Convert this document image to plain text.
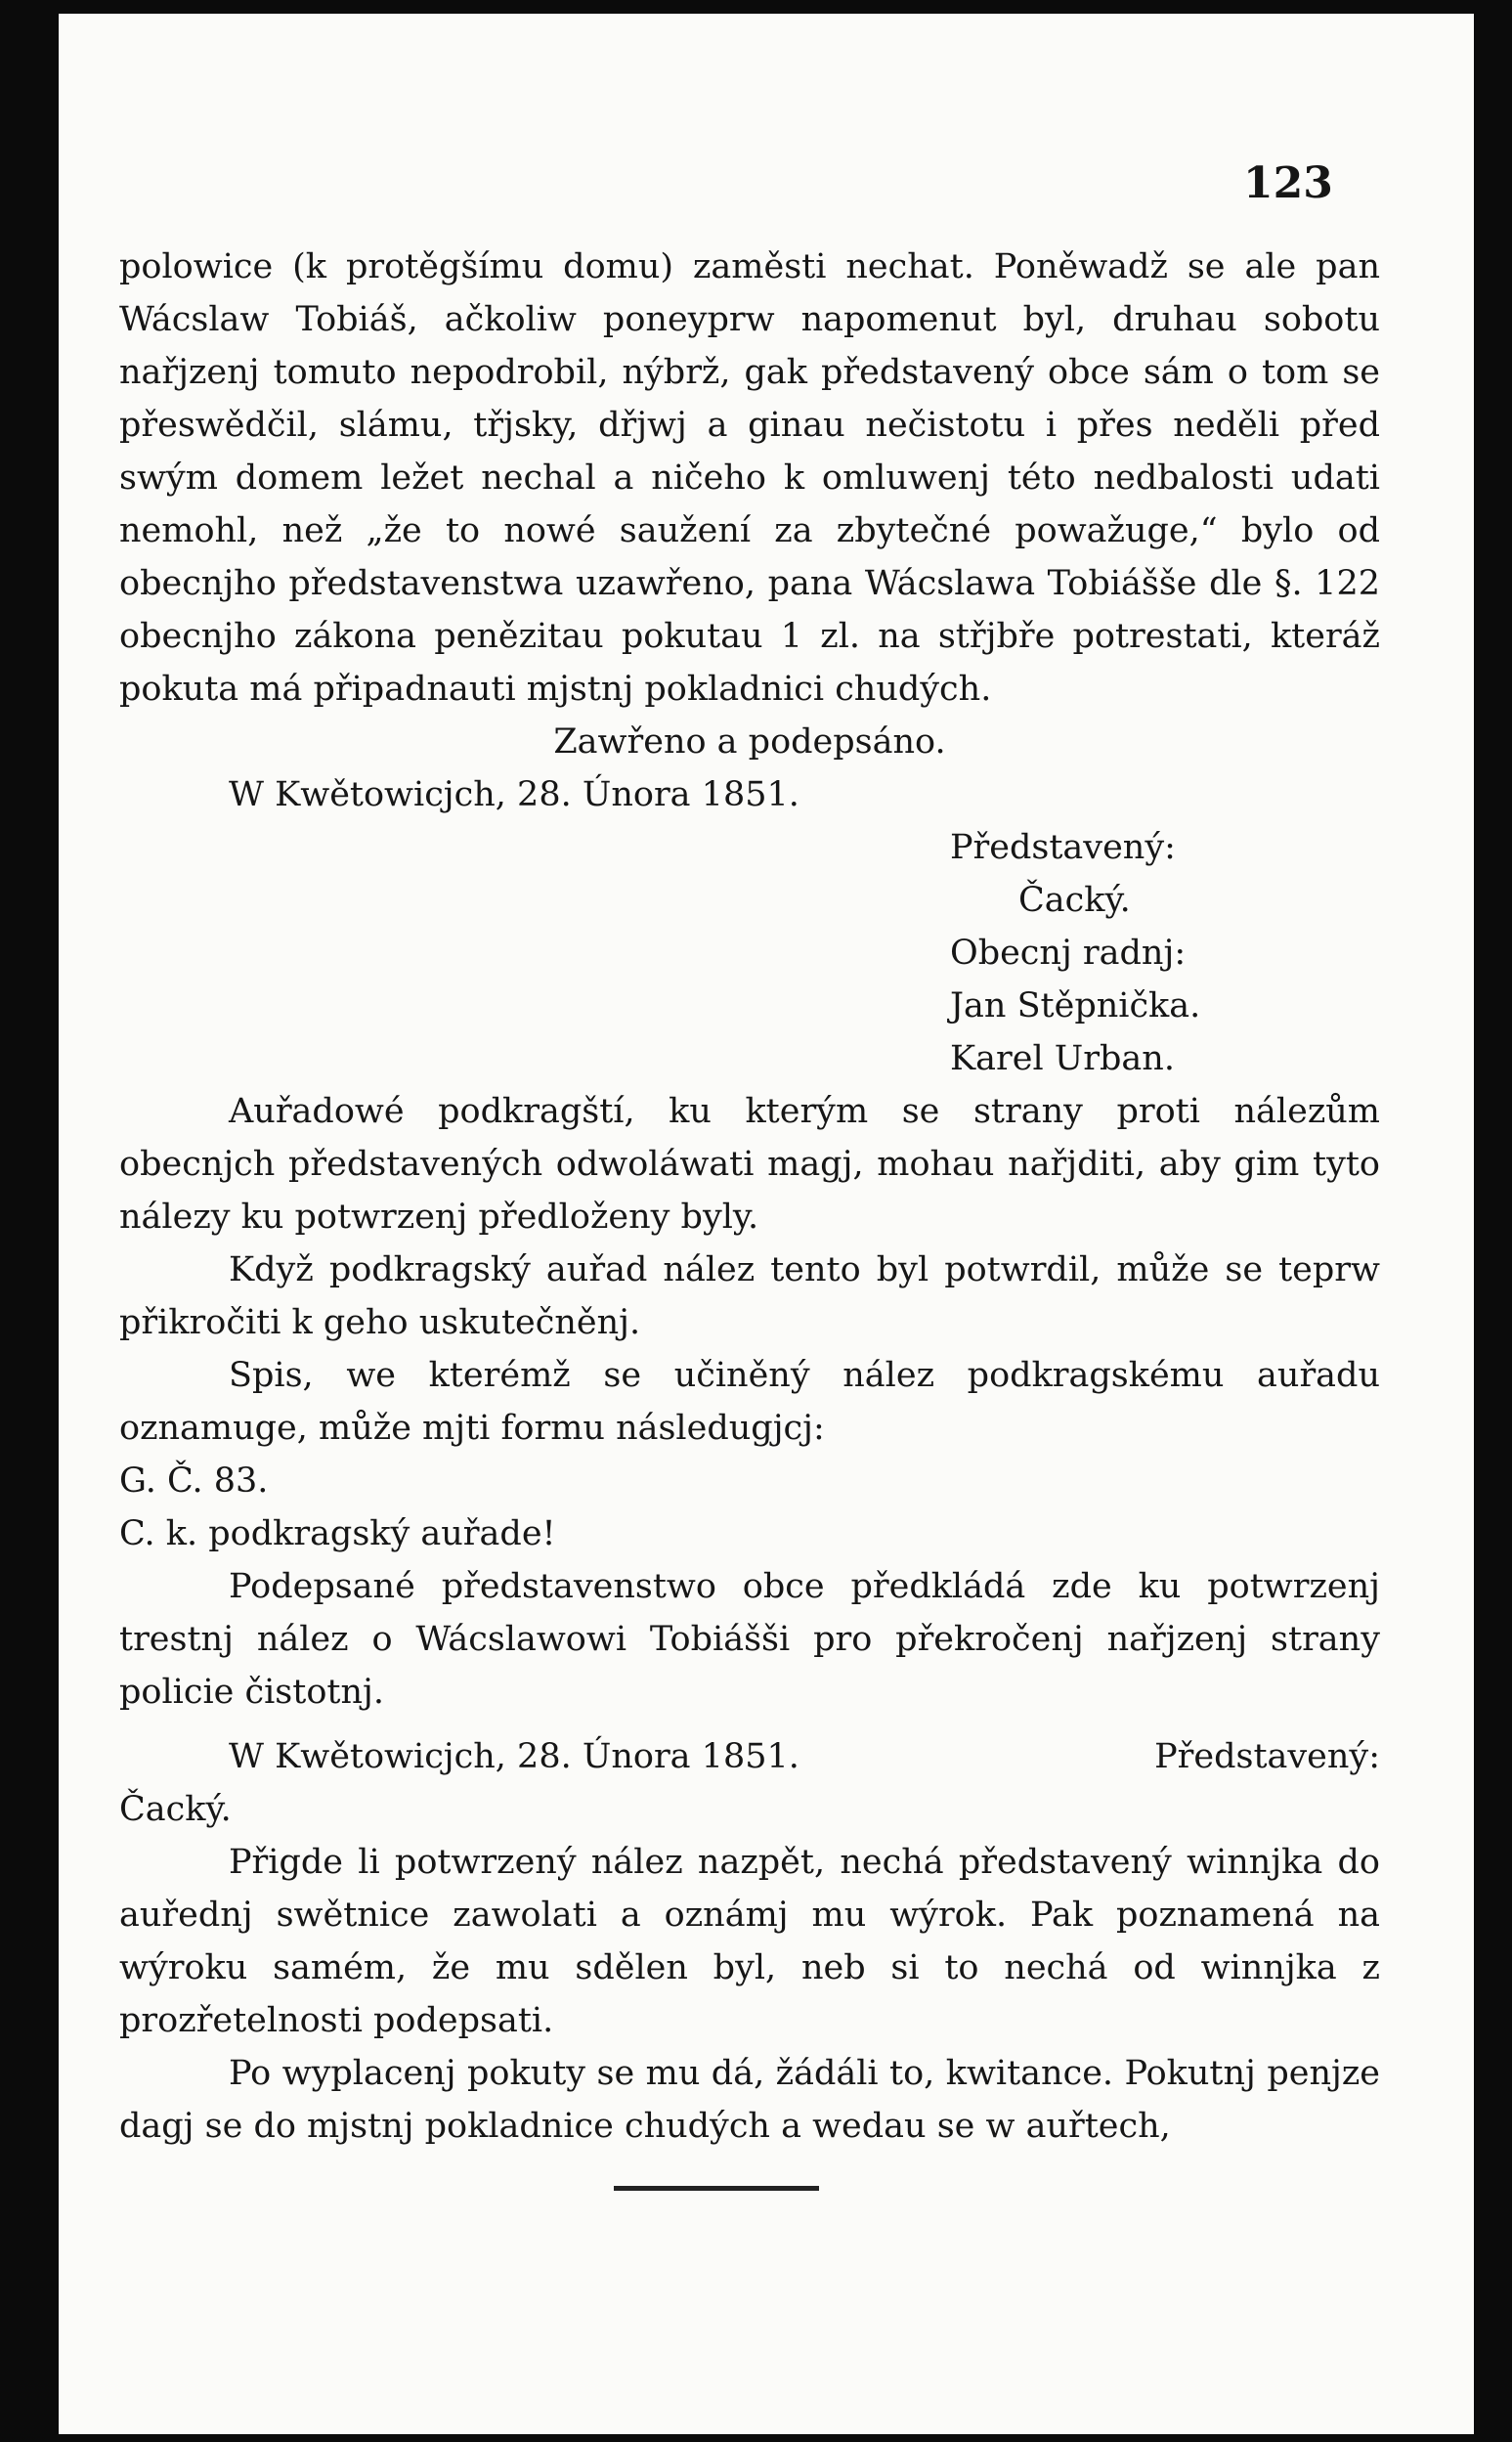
123

polowice (k protěgšímu domu) zaměsti nechat. Poněwadž se ale pan Wácslaw Tobiáš, ačkoliw poneyprw napomenut byl, druhau sobotu nařjzenj tomuto nepodrobil, nýbrž, gak představený obce sám o tom se přeswědčil, slámu, třjsky, dřjwj a ginau nečistotu i přes neděli před swým domem ležet nechal a ničeho k omluwenj této nedbalosti udati nemohl, než „že to nowé saužení za zbytečné powažuge,“ bylo od obecnjho představenstwa uzawřeno, pana Wácslawa Tobiášše dle §. 122 obecnjho zákona penězitau pokutau 1 zl. na střjbře potrestati, kteráž pokuta má připadnauti mjstnj pokladnici chudých.

Zawřeno a podepsáno.

W Kwětowicjch, 28. Února 1851.

Představený:

Čacký.

Obecnj radnj:

Jan Stěpnička.

Karel Urban.

Auřadowé podkragští, ku kterým se strany proti nálezům obecnjch představených odwoláwati magj, mohau nařjditi, aby gim tyto nálezy ku potwrzenj předloženy byly.

Když podkragský auřad nález tento byl potwrdil, může se teprw přikročiti k geho uskutečněnj.

Spis, we kterémž se učiněný nález podkragskému auřadu oznamuge, může mjti formu následugjcj:

G. Č. 83.

C. k. podkragský auřade!

Podepsané představenstwo obce předkládá zde ku potwrzenj trestnj nález o Wácslawowi Tobiášši pro překročenj nařjzenj strany policie čistotnj.

W Kwětowicjch, 28. Února 1851.	Představený:

Čacký.

Přigde li potwrzený nález nazpět, nechá představený winnjka do auřednj swětnice zawolati a oznámj mu wýrok. Pak poznamená na wýroku samém, že mu sdělen byl, neb si to nechá od winnjka z prozřetelnosti podepsati.

Po wyplacenj pokuty se mu dá, žádáli to, kwitance. Pokutnj penjze dagj se do mjstnj pokladnice chudých a wedau se w auřtech,
